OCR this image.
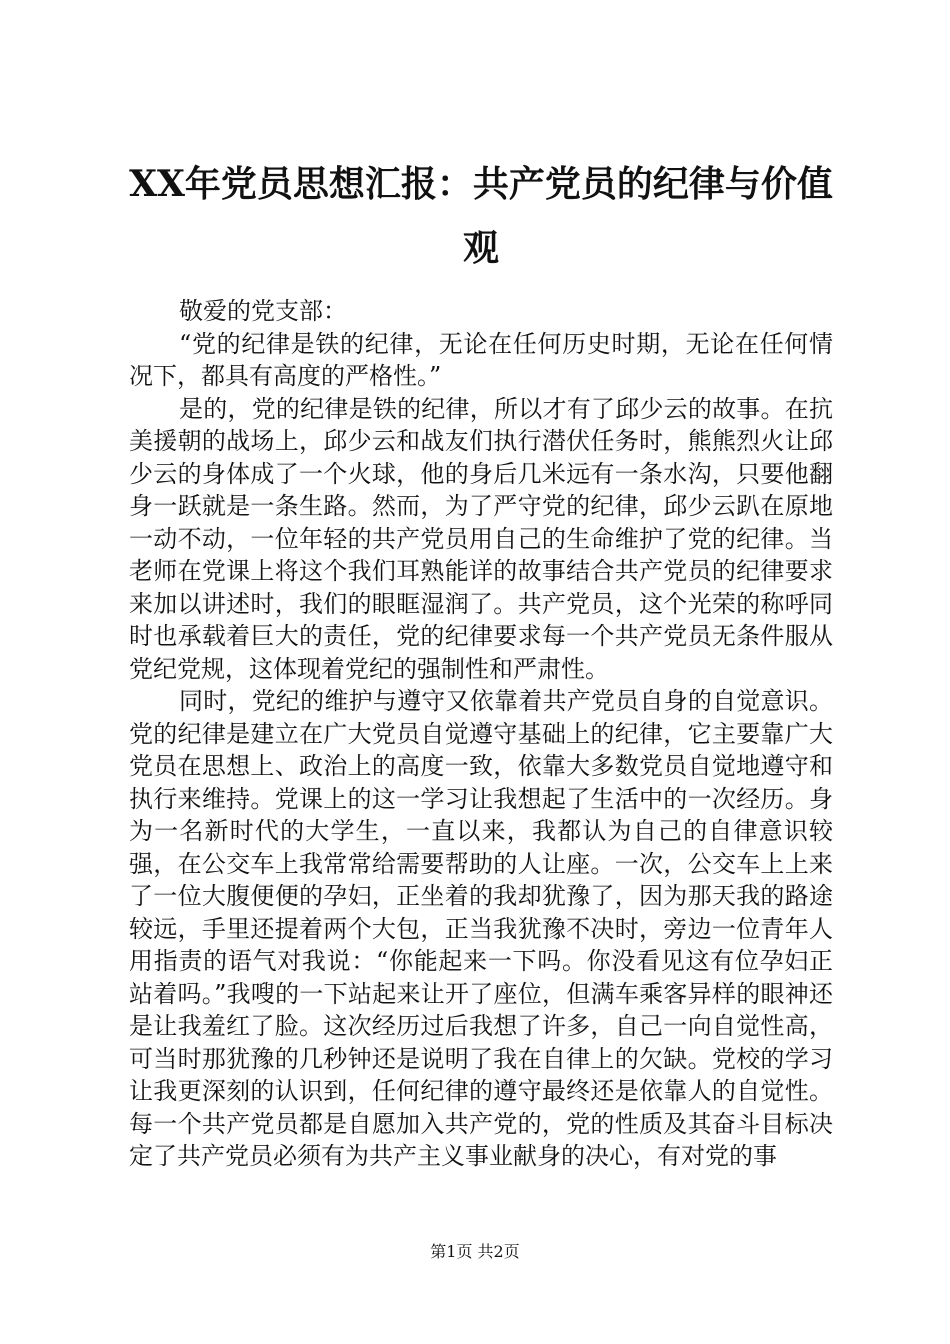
XX年党员思想汇报：共产党员的纪律与价值观

敬爱的党支部：

“党的纪律是铁的纪律，无论在任何历史时期，无论在任何情况下，都具有高度的严格性。”

是的，党的纪律是铁的纪律，所以才有了邱少云的故事。在抗美援朝的战场上，邱少云和战友们执行潜伏任务时，熊熊烈火让邱少云的身体成了一个火球，他的身后几米远有一条水沟，只要他翻身一跃就是一条生路。然而，为了严守党的纪律，邱少云趴在原地一动不动，一位年轻的共产党员用自己的生命维护了党的纪律。当老师在党课上将这个我们耳熟能详的故事结合共产党员的纪律要求来加以讲述时，我们的眼眶湿润了。共产党员，这个光荣的称呼同时也承载着巨大的责任，党的纪律要求每一个共产党员无条件服从党纪党规，这体现着党纪的强制性和严肃性。

同时，党纪的维护与遵守又依靠着共产党员自身的自觉意识。党的纪律是建立在广大党员自觉遵守基础上的纪律，它主要靠广大党员在思想上、政治上的高度一致，依靠大多数党员自觉地遵守和执行来维持。党课上的这一学习让我想起了生活中的一次经历。身为一名新时代的大学生，一直以来，我都认为自己的自律意识较强，在公交车上我常常给需要帮助的人让座。一次，公交车上上来了一位大腹便便的孕妇，正坐着的我却犹豫了，因为那天我的路途较远，手里还提着两个大包，正当我犹豫不决时，旁边一位青年人用指责的语气对我说：“你能起来一下吗。你没看见这有位孕妇正站着吗。”我嗖的一下站起来让开了座位，但满车乘客异样的眼神还是让我羞红了脸。这次经历过后我想了许多，自己一向自觉性高，可当时那犹豫的几秒钟还是说明了我在自律上的欠缺。党校的学习让我更深刻的认识到，任何纪律的遵守最终还是依靠人的自觉性。每一个共产党员都是自愿加入共产党的，党的性质及其奋斗目标决定了共产党员必须有为共产主义事业献身的决心，有对党的事

第1页 共2页
